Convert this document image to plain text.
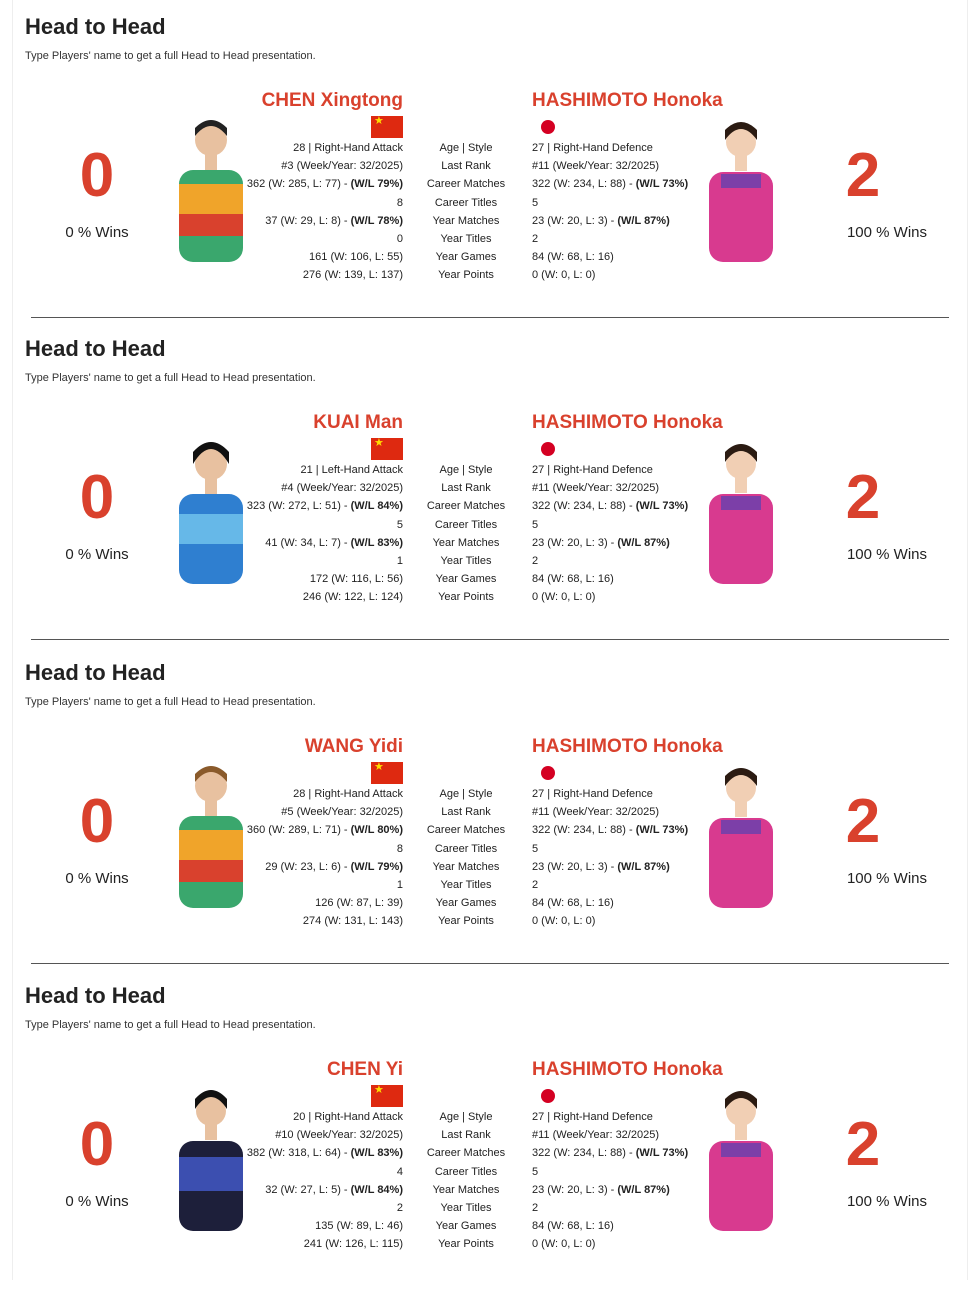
Head to Head
Type Players' name to get a full Head to Head presentation.
0
0 % Wins
CHEN Xingtong
★
28 | Right-Hand Attack
#3 (Week/Year: 32/2025)
362 (W: 285, L: 77) - (W/L 79%)
8
37 (W: 29, L: 8) - (W/L 78%)
0
161 (W: 106, L: 55)
276 (W: 139, L: 137)
Age | Style
Last Rank
Career Matches
Career Titles
Year Matches
Year Titles
Year Games
Year Points
HASHIMOTO Honoka
27 | Right-Hand Defence
#11 (Week/Year: 32/2025)
322 (W: 234, L: 88) - (W/L 73%)
5
23 (W: 20, L: 3) - (W/L 87%)
2
84 (W: 68, L: 16)
0 (W: 0, L: 0)
2
100 % Wins
Head to Head
Type Players' name to get a full Head to Head presentation.
0
0 % Wins
KUAI Man
★
21 | Left-Hand Attack
#4 (Week/Year: 32/2025)
323 (W: 272, L: 51) - (W/L 84%)
5
41 (W: 34, L: 7) - (W/L 83%)
1
172 (W: 116, L: 56)
246 (W: 122, L: 124)
Age | Style
Last Rank
Career Matches
Career Titles
Year Matches
Year Titles
Year Games
Year Points
HASHIMOTO Honoka
27 | Right-Hand Defence
#11 (Week/Year: 32/2025)
322 (W: 234, L: 88) - (W/L 73%)
5
23 (W: 20, L: 3) - (W/L 87%)
2
84 (W: 68, L: 16)
0 (W: 0, L: 0)
2
100 % Wins
Head to Head
Type Players' name to get a full Head to Head presentation.
0
0 % Wins
WANG Yidi
★
28 | Right-Hand Attack
#5 (Week/Year: 32/2025)
360 (W: 289, L: 71) - (W/L 80%)
8
29 (W: 23, L: 6) - (W/L 79%)
1
126 (W: 87, L: 39)
274 (W: 131, L: 143)
Age | Style
Last Rank
Career Matches
Career Titles
Year Matches
Year Titles
Year Games
Year Points
HASHIMOTO Honoka
27 | Right-Hand Defence
#11 (Week/Year: 32/2025)
322 (W: 234, L: 88) - (W/L 73%)
5
23 (W: 20, L: 3) - (W/L 87%)
2
84 (W: 68, L: 16)
0 (W: 0, L: 0)
2
100 % Wins
Head to Head
Type Players' name to get a full Head to Head presentation.
0
0 % Wins
CHEN Yi
★
20 | Right-Hand Attack
#10 (Week/Year: 32/2025)
382 (W: 318, L: 64) - (W/L 83%)
4
32 (W: 27, L: 5) - (W/L 84%)
2
135 (W: 89, L: 46)
241 (W: 126, L: 115)
Age | Style
Last Rank
Career Matches
Career Titles
Year Matches
Year Titles
Year Games
Year Points
HASHIMOTO Honoka
27 | Right-Hand Defence
#11 (Week/Year: 32/2025)
322 (W: 234, L: 88) - (W/L 73%)
5
23 (W: 20, L: 3) - (W/L 87%)
2
84 (W: 68, L: 16)
0 (W: 0, L: 0)
2
100 % Wins
